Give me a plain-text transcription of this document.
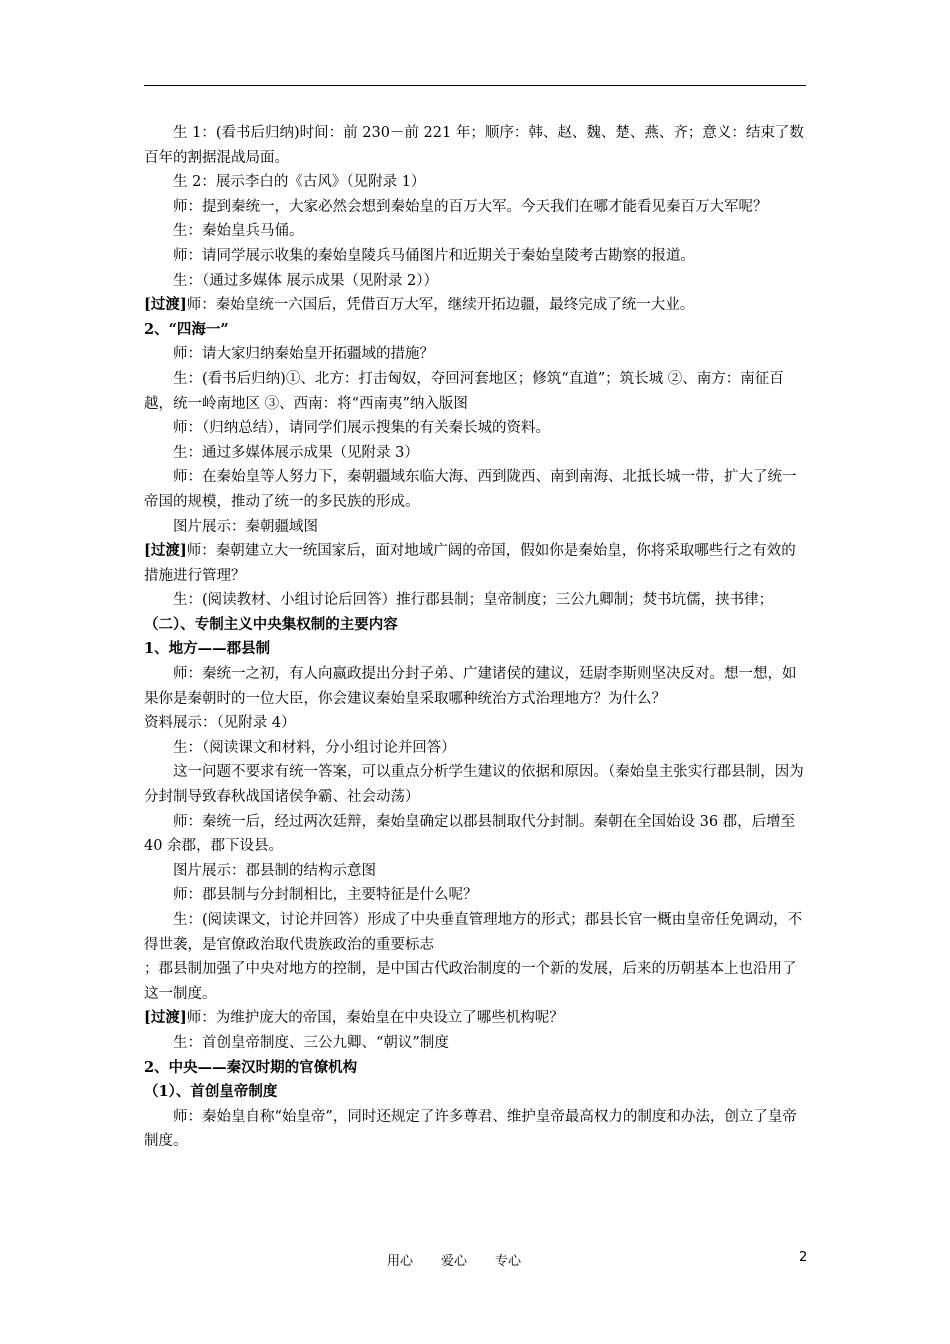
生 1：(看书后归纳)时间：前 230－前 221 年；顺序：韩、赵、魏、楚、燕、齐；意义：结束了数百年的割据混战局面。

生 2：展示李白的《古风》（见附录 1）

师：提到秦统一，大家必然会想到秦始皇的百万大军。今天我们在哪才能看见秦百万大军呢？

生：秦始皇兵马俑。

师：请同学展示收集的秦始皇陵兵马俑图片和近期关于秦始皇陵考古勘察的报道。

生：（通过多媒体 展示成果（见附录 2））

[过渡]师：秦始皇统一六国后，凭借百万大军，继续开拓边疆，最终完成了统一大业。

2、“四海一”

师：请大家归纳秦始皇开拓疆域的措施？

生：(看书后归纳)①、北方：打击匈奴，夺回河套地区；修筑“直道”；筑长城 ②、南方：南征百越，统一岭南地区 ③、西南：将“西南夷”纳入版图

师：（归纳总结），请同学们展示搜集的有关秦长城的资料。

生：通过多媒体展示成果（见附录 3）

师：在秦始皇等人努力下，秦朝疆域东临大海、西到陇西、南到南海、北抵长城一带，扩大了统一帝国的规模，推动了统一的多民族的形成。

图片展示：秦朝疆域图

[过渡]师：秦朝建立大一统国家后，面对地域广阔的帝国，假如你是秦始皇，你将采取哪些行之有效的措施进行管理？

生：(阅读教材、小组讨论后回答）推行郡县制；皇帝制度；三公九卿制；焚书坑儒，挟书律；

（二）、专制主义中央集权制的主要内容

1、地方——郡县制

师：秦统一之初，有人向嬴政提出分封子弟、广建诸侯的建议，廷尉李斯则坚决反对。想一想，如果你是秦朝时的一位大臣，你会建议秦始皇采取哪种统治方式治理地方？为什么？

资料展示：（见附录 4）

生：（阅读课文和材料，分小组讨论并回答）

这一问题不要求有统一答案，可以重点分析学生建议的依据和原因。（秦始皇主张实行郡县制，因为分封制导致春秋战国诸侯争霸、社会动荡）

师：秦统一后，经过两次廷辩，秦始皇确定以郡县制取代分封制。秦朝在全国始设 36 郡，后增至 40 余郡，郡下设县。

图片展示：郡县制的结构示意图

师：郡县制与分封制相比，主要特征是什么呢？

生：(阅读课文，讨论并回答）形成了中央垂直管理地方的形式；郡县长官一概由皇帝任免调动，不得世袭，是官僚政治取代贵族政治的重要标志

；郡县制加强了中央对地方的控制，是中国古代政治制度的一个新的发展，后来的历朝基本上也沿用了这一制度。

[过渡]师：为维护庞大的帝国，秦始皇在中央设立了哪些机构呢？

生：首创皇帝制度、三公九卿、“朝议”制度

2、中央——秦汉时期的官僚机构

（1）、首创皇帝制度

师：秦始皇自称“始皇帝”，同时还规定了许多尊君、维护皇帝最高权力的制度和办法，创立了皇帝制度。

用心 爱心 专心	2
